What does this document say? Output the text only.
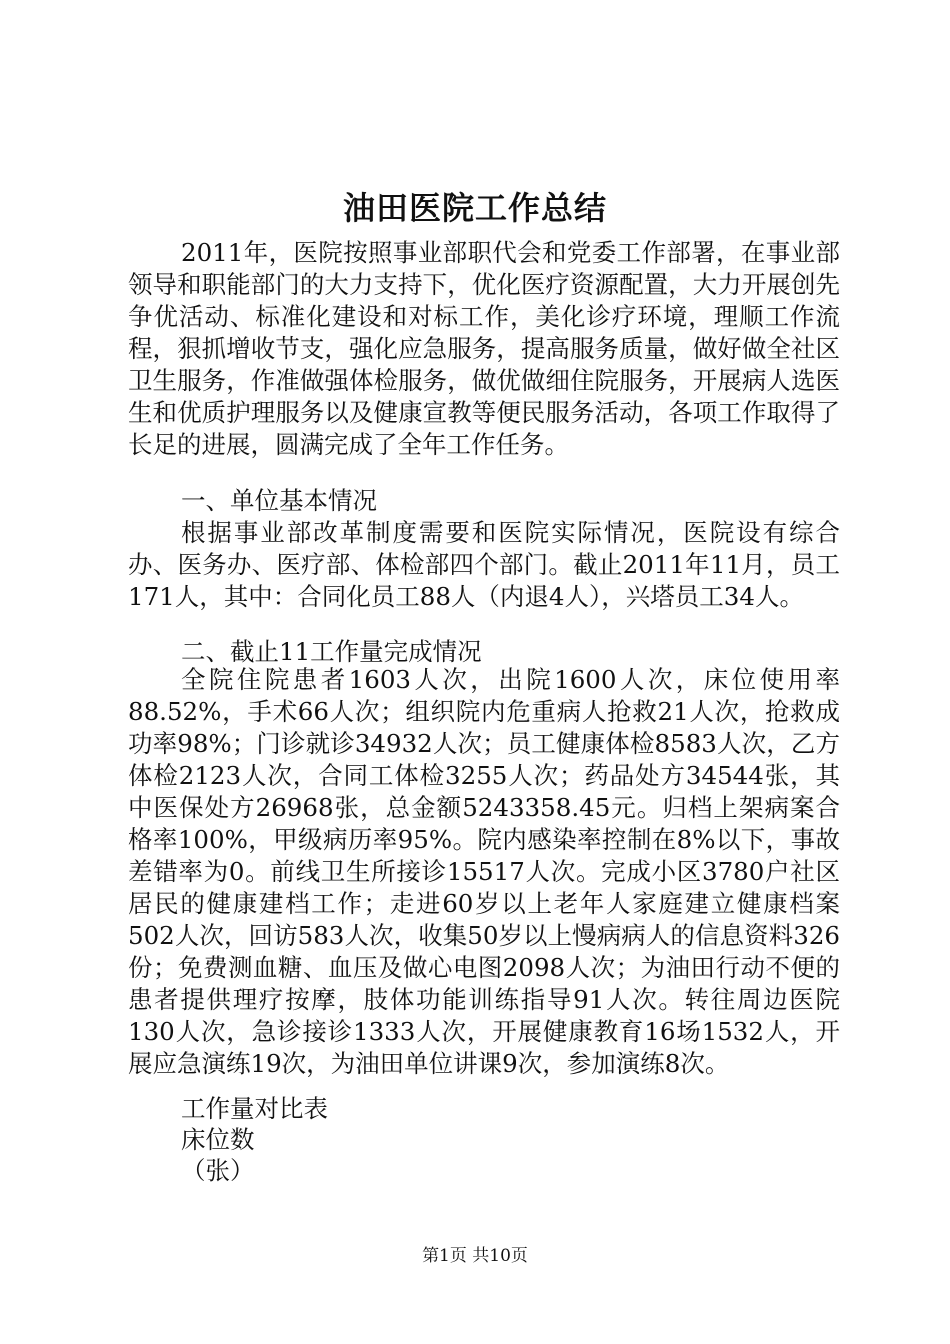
油田医院工作总结
2011年，医院按照事业部职代会和党委工作部署，在事业部领导和职能部门的大力支持下，优化医疗资源配置，大力开展创先争优活动、标准化建设和对标工作，美化诊疗环境，理顺工作流程，狠抓增收节支，强化应急服务，提高服务质量，做好做全社区卫生服务，作准做强体检服务，做优做细住院服务，开展病人选医生和优质护理服务以及健康宣教等便民服务活动，各项工作取得了长足的进展，圆满完成了全年工作任务。
一、单位基本情况
根据事业部改革制度需要和医院实际情况，医院设有综合办、医务办、医疗部、体检部四个部门。截止2011年11月，员工171人，其中：合同化员工88人（内退4人），兴塔员工34人。
二、截止11工作量完成情况
全院住院患者1603人次，出院1600人次，床位使用率88.52%，手术66人次；组织院内危重病人抢救21人次，抢救成功率98%；门诊就诊34932人次；员工健康体检8583人次，乙方体检2123人次，合同工体检3255人次；药品处方34544张，其中医保处方26968张，总金额5243358.45元。归档上架病案合格率100%，甲级病历率95%。院内感染率控制在8%以下，事故差错率为0。前线卫生所接诊15517人次。完成小区3780户社区居民的健康建档工作；走进60岁以上老年人家庭建立健康档案502人次，回访583人次，收集50岁以上慢病病人的信息资料326份；免费测血糖、血压及做心电图2098人次；为油田行动不便的患者提供理疗按摩，肢体功能训练指导91人次。转往周边医院130人次，急诊接诊1333人次，开展健康教育16场1532人，开展应急演练19次，为油田单位讲课9次，参加演练8次。
工作量对比表
床位数
（张）
第1页 共10页
